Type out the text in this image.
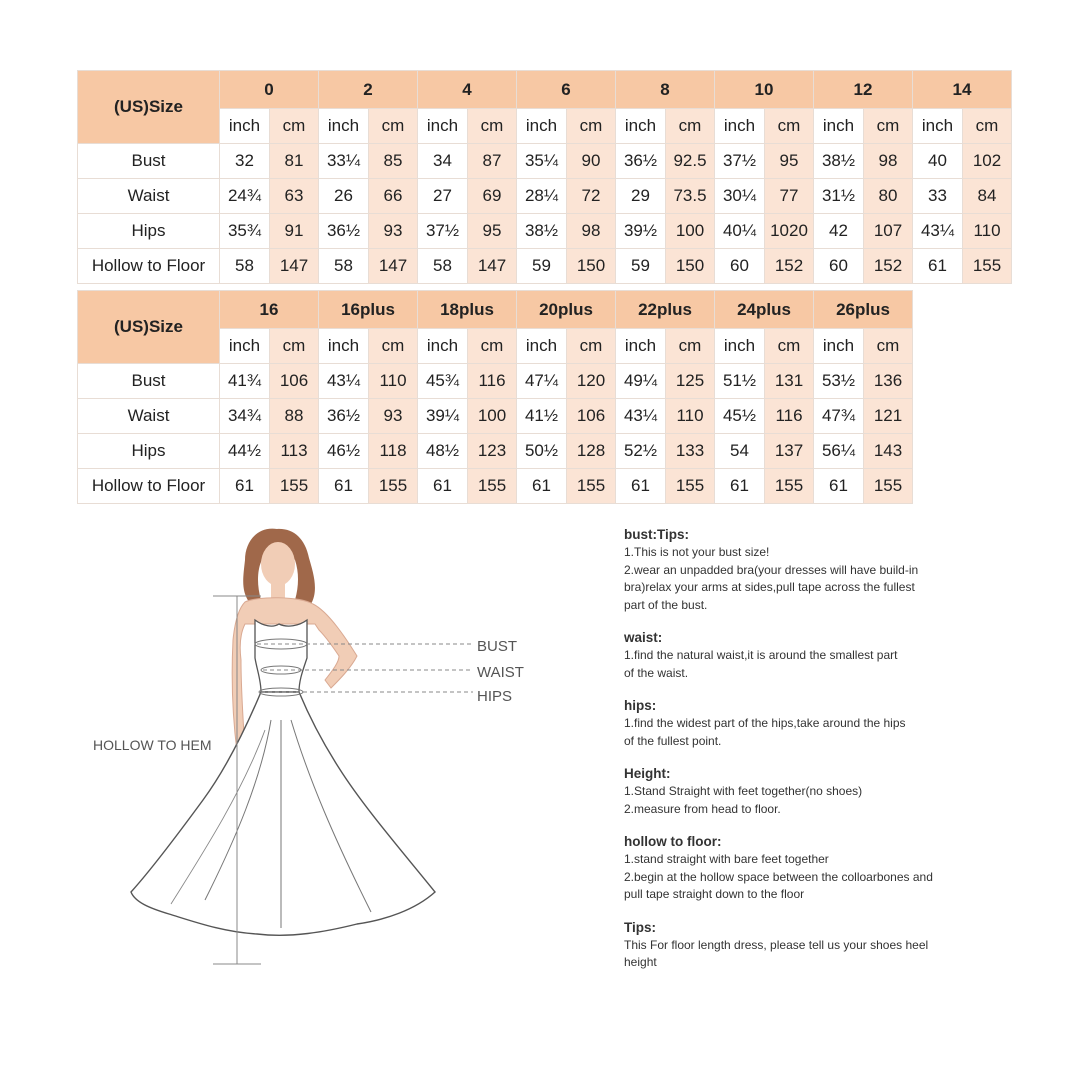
(US)Size	0		2		4		6		8		10		12		14	
	inch	cm	inch	cm	inch	cm	inch	cm	inch	cm	inch	cm	inch	cm	inch	cm
Bust	32	81	33¼	85	34	87	35¼	90	36½	92.5	37½	95	38½	98	40	102
Waist	24¾	63	26	66	27	69	28¼	72	29	73.5	30¼	77	31½	80	33	84
Hips	35¾	91	36½	93	37½	95	38½	98	39½	100	40¼	1020	42	107	43¼	110
Hollow to Floor	58	147	58	147	58	147	59	150	59	150	60	152	60	152	61	155
(US)Size	16		16plus		18plus		20plus		22plus		24plus		26plus	
	inch	cm	inch	cm	inch	cm	inch	cm	inch	cm	inch	cm	inch	cm
Bust	41¾	106	43¼	110	45¾	116	47¼	120	49¼	125	51½	131	53½	136
Waist	34¾	88	36½	93	39¼	100	41½	106	43¼	110	45½	116	47¾	121
Hips	44½	113	46½	118	48½	123	50½	128	52½	133	54	137	56¼	143
Hollow to Floor	61	155	61	155	61	155	61	155	61	155	61	155	61	155
BUST
WAIST
HIPS
HOLLOW TO HEM
bust:Tips:
1.This is not your bust size!
2.wear an unpadded bra(your dresses will have build-in
bra)relax your arms at sides,pull tape across the fullest
part of the bust.
waist:
1.find the natural waist,it is around the smallest part
of the waist.
hips:
1.find the widest part of the hips,take around the hips
of the fullest point.
Height:
1.Stand Straight with feet together(no shoes)
2.measure from head to floor.
hollow to floor:
1.stand straight with bare feet together
2.begin at the hollow space between the colloarbones and
pull tape straight down to the floor
Tips:
This For floor length dress, please tell us your shoes heel
height
